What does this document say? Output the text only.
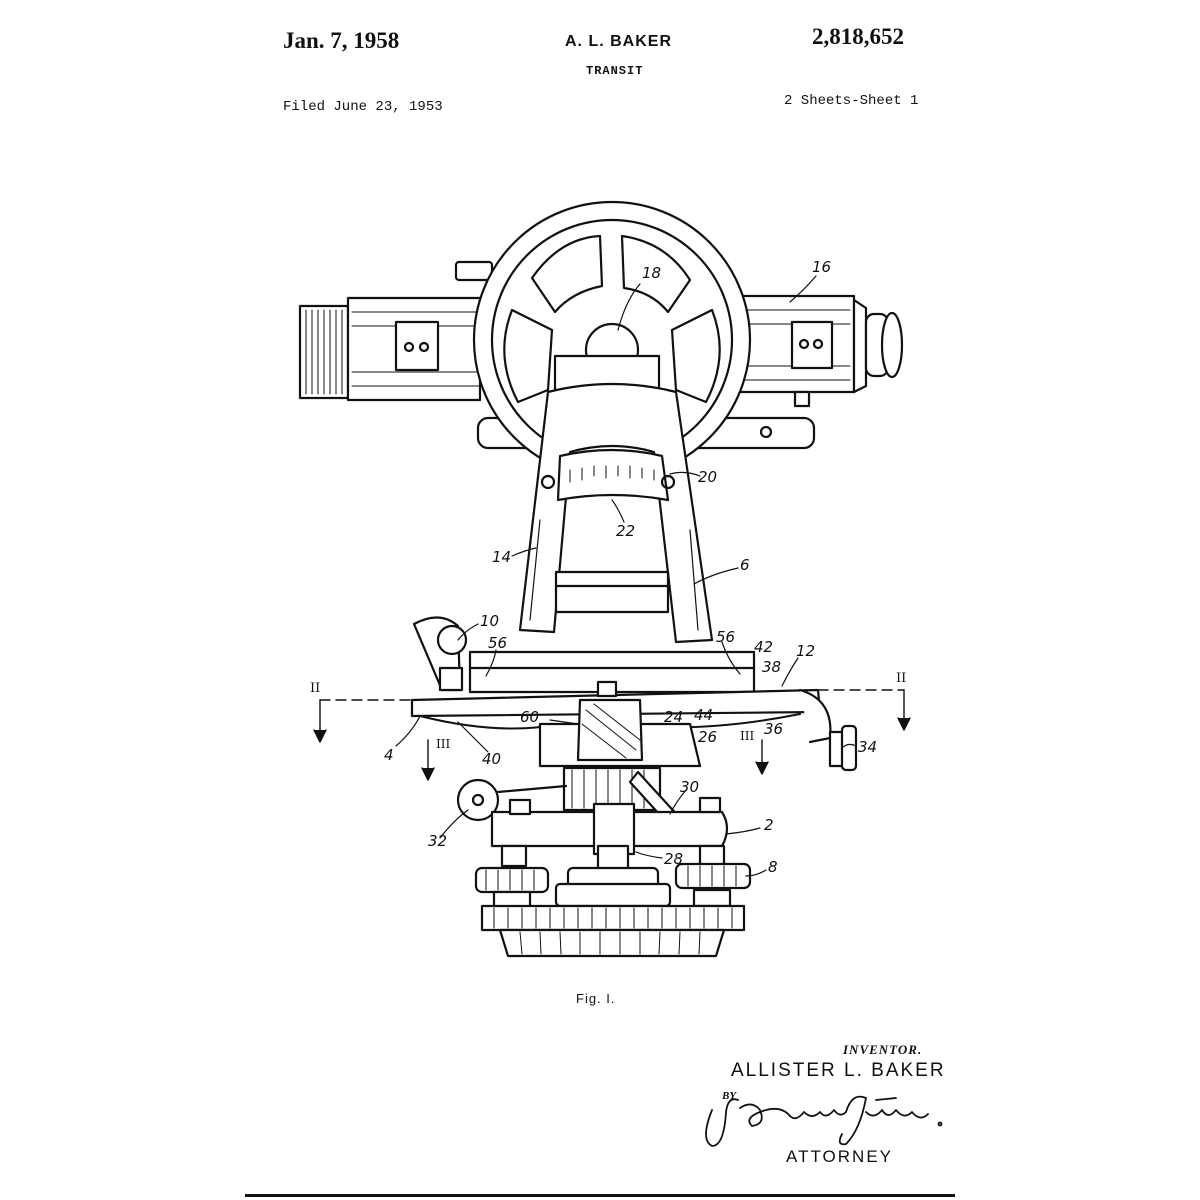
Jan. 7, 1958	A. L. BAKER
TRANSIT
2,818,652
Filed June 23, 1953	2 Sheets-Sheet 1
18	16
20
22
14	6
10
56	56
42 12
38
II
II
60	24 44
36
26
III
III
4	40
34
30
2
32
28	8
Fig. I.
INVENTOR.
ALLISTER L. BAKER
BY
ATTORNEY
